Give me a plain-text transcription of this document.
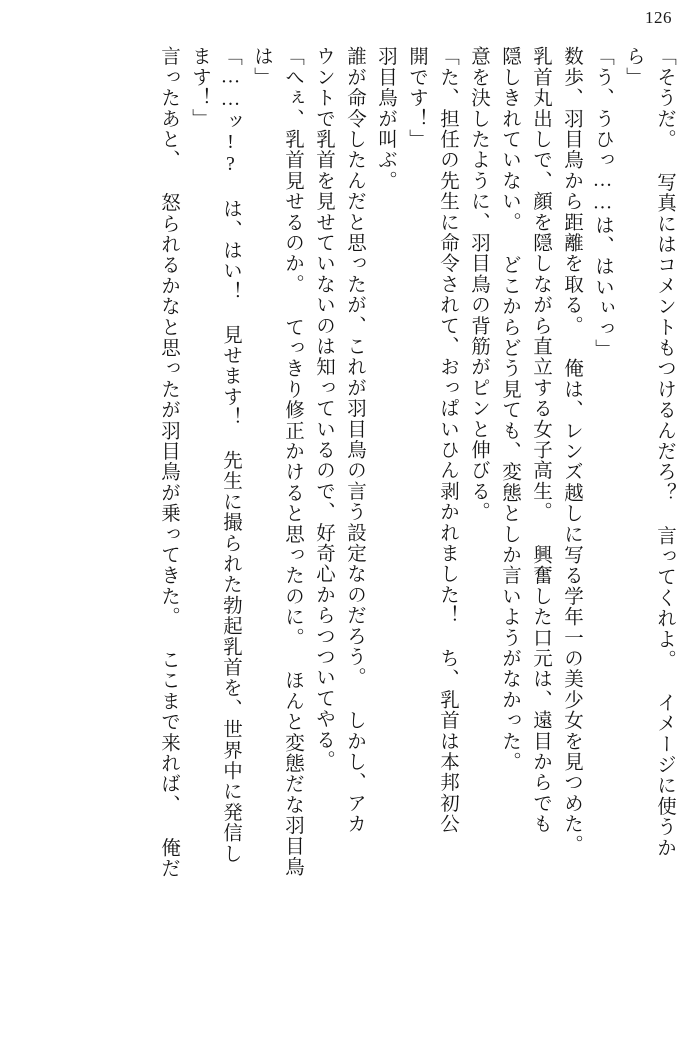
126
「そうだ。 写真にはコメントもつけるんだろ？ 言ってくれよ。 イメージに使うか
ら」
「う、うひっ……は、はいぃっ」
数歩、羽目鳥から距離を取る。 俺は、レンズ越しに写る学年一の美少女を見つめた。
乳首丸出しで、顔を隠しながら直立する女子高生。 興奮した口元は、遠目からでも
隠しきれていない。 どこからどう見ても、変態としか言いようがなかった。
意を決したように、羽目鳥の背筋がピンと伸びる。
「た、担任の先生に命令されて、おっぱいひん剥かれました！ ち、乳首は本邦初公
開です！」
羽目鳥が叫ぶ。
誰が命令したんだと思ったが、これが羽目鳥の言う設定なのだろう。 しかし、アカ
ウントで乳首を見せていないのは知っているので、好奇心からつついてやる。
「へぇ、乳首見せるのか。 てっきり修正かけると思ったのに。 ほんと変態だな羽目鳥
は」
「……ッ!? は、はい！ 見せます！ 先生に撮られた勃起乳首を、世界中に発信し
ます！」
言ったあと、 怒られるかなと思ったが羽目鳥が乗ってきた。 ここまで来れば、 俺だ
